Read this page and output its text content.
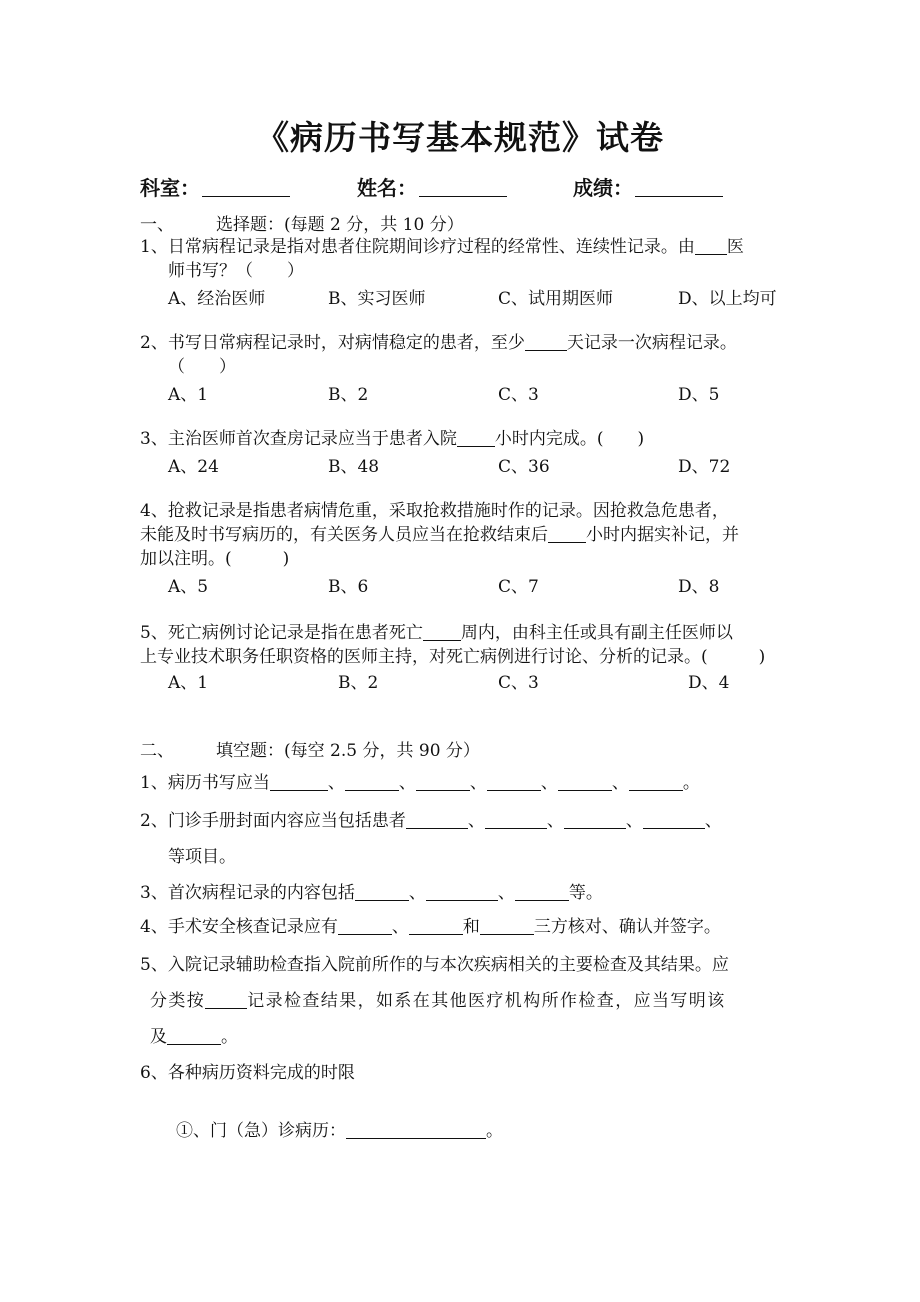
《病历书写基本规范》试卷
科室：	姓名：	成绩：
一、 选择题：(每题 2 分，共 10 分）
1、日常病程记录是指对患者住院期间诊疗过程的经常性、连续性记录。由 医
师书写？（　　）
A、经治医师	B、实习医师	C、试用期医师	D、以上均可
2、书写日常病程记录时，对病情稳定的患者，至少 天记录一次病程记录。
（　　）
A、1	B、2	C、3	D、5
3、主治医师首次查房记录应当于患者入院 小时内完成。(　　)
A、24	B、48	C、36	D、72
4、抢救记录是指患者病情危重，采取抢救措施时作的记录。因抢救急危患者，
未能及时书写病历的，有关医务人员应当在抢救结束后 小时内据实补记，并
加以注明。(　　　)
A、5	B、6	C、7	D、8
5、死亡病例讨论记录是指在患者死亡 周内，由科主任或具有副主任医师以
上专业技术职务任职资格的医师主持，对死亡病例进行讨论、分析的记录。(　　　)
A、1	B、2	C、3	D、4
二、 填空题：(每空 2.5 分，共 90 分）
1、病历书写应当	、	、	、	、	、	。
2、门诊手册封面内容应当包括患者	、	、	、	、
等项目。
3、首次病程记录的内容包括	、	、	等。
4、手术安全核查记录应有	、	和	三方核对、确认并签字。
5、入院记录辅助检查指入院前所作的与本次疾病相关的主要检查及其结果。应
分类按 记录检查结果，如系在其他医疗机构所作检查，应当写明该
及	。
6、各种病历资料完成的时限
①、门（急）诊病历：	。
